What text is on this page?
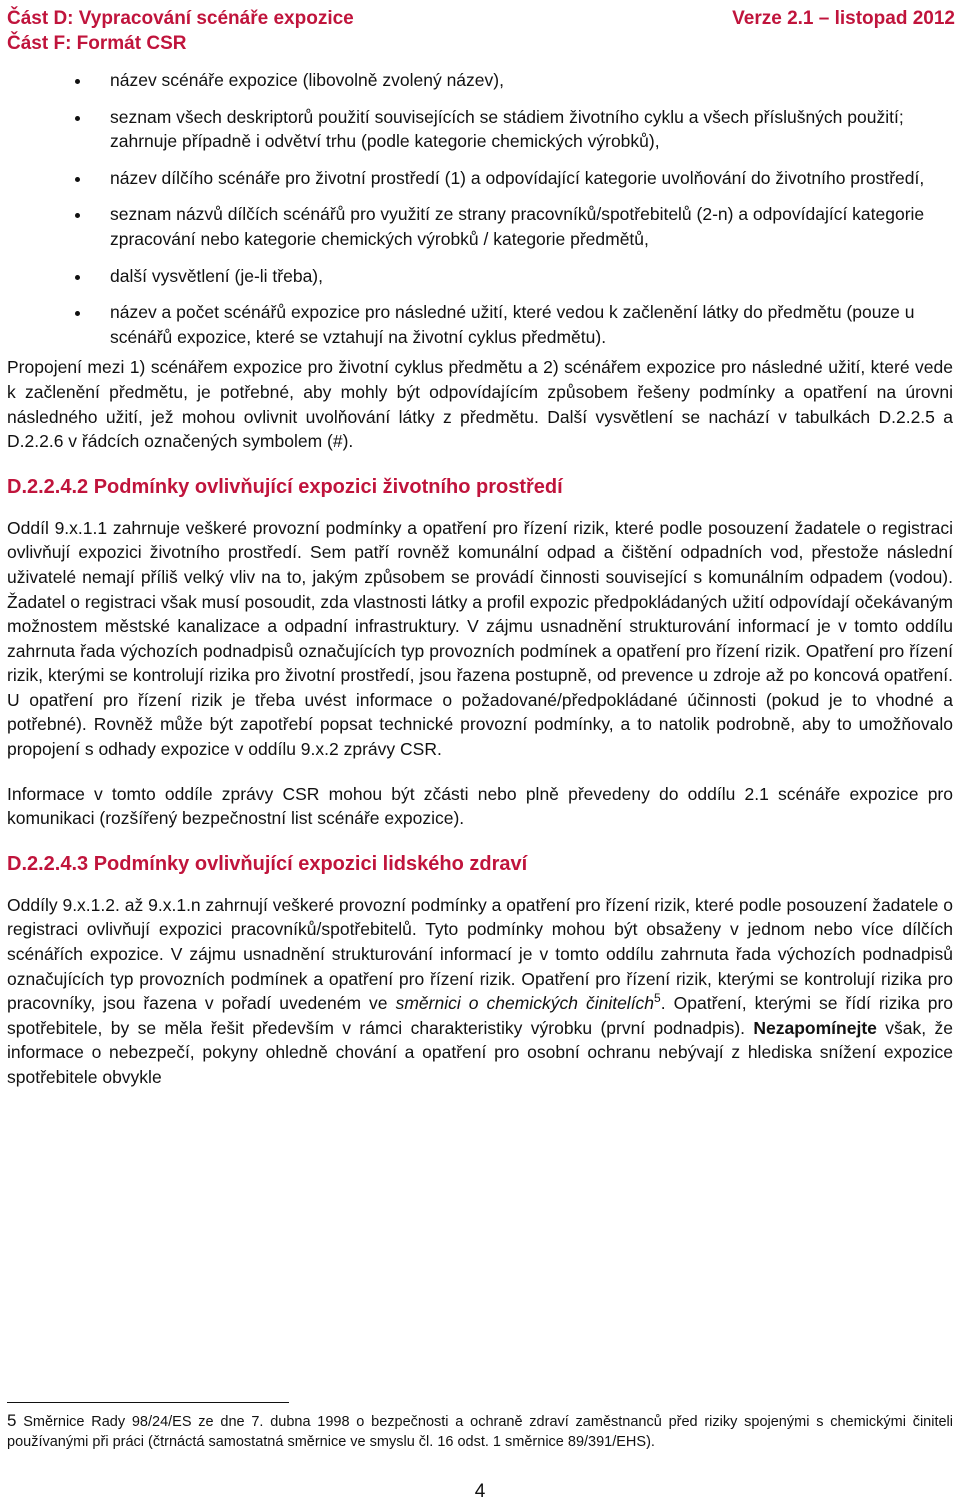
Část D: Vypracování scénáře expozice	Verze 2.1 – listopad 2012
Část F: Formát CSR
název scénáře expozice (libovolně zvolený název),
seznam všech deskriptorů použití souvisejících se stádiem životního cyklu a všech příslušných použití; zahrnuje případně i odvětví trhu (podle kategorie chemických výrobků),
název dílčího scénáře pro životní prostředí (1) a odpovídající kategorie uvolňování do životního prostředí,
seznam názvů dílčích scénářů pro využití ze strany pracovníků/spotřebitelů (2-n) a odpovídající kategorie zpracování nebo kategorie chemických výrobků / kategorie předmětů,
další vysvětlení (je-li třeba),
název a počet scénářů expozice pro následné užití, které vedou k začlenění látky do předmětu (pouze u scénářů expozice, které se vztahují na životní cyklus předmětu).

Propojení mezi 1) scénářem expozice pro životní cyklus předmětu a 2) scénářem expozice pro následné užití, které vede k začlenění předmětu, je potřebné, aby mohly být odpovídajícím způsobem řešeny podmínky a opatření na úrovni následného užití, jež mohou ovlivnit uvolňování látky z předmětu. Další vysvětlení se nachází v tabulkách D.2.2.5 a D.2.2.6 v řádcích označených symbolem (#).

D.2.2.4.2 Podmínky ovlivňující expozici životního prostředí

Oddíl 9.x.1.1 zahrnuje veškeré provozní podmínky a opatření pro řízení rizik, které podle posouzení žadatele o registraci ovlivňují expozici životního prostředí. Sem patří rovněž komunální odpad a čištění odpadních vod, přestože následní uživatelé nemají příliš velký vliv na to, jakým způsobem se provádí činnosti související s komunálním odpadem (vodou). Žadatel o registraci však musí posoudit, zda vlastnosti látky a profil expozic předpokládaných užití odpovídají očekávaným možnostem městské kanalizace a odpadní infrastruktury. V zájmu usnadnění strukturování informací je v tomto oddílu zahrnuta řada výchozích podnadpisů označujících typ provozních podmínek a opatření pro řízení rizik. Opatření pro řízení rizik, kterými se kontrolují rizika pro životní prostředí, jsou řazena postupně, od prevence u zdroje až po koncová opatření. U opatření pro řízení rizik je třeba uvést informace o požadované/předpokládané účinnosti (pokud je to vhodné a potřebné). Rovněž může být zapotřebí popsat technické provozní podmínky, a to natolik podrobně, aby to umožňovalo propojení s odhady expozice v oddílu 9.x.2 zprávy CSR.

Informace v tomto oddíle zprávy CSR mohou být zčásti nebo plně převedeny do oddílu 2.1 scénáře expozice pro komunikaci (rozšířený bezpečnostní list scénáře expozice).

D.2.2.4.3 Podmínky ovlivňující expozici lidského zdraví

Oddíly 9.x.1.2. až 9.x.1.n zahrnují veškeré provozní podmínky a opatření pro řízení rizik, které podle posouzení žadatele o registraci ovlivňují expozici pracovníků/spotřebitelů. Tyto podmínky mohou být obsaženy v jednom nebo více dílčích scénářích expozice. V zájmu usnadnění strukturování informací je v tomto oddílu zahrnuta řada výchozích podnadpisů označujících typ provozních podmínek a opatření pro řízení rizik. Opatření pro řízení rizik, kterými se kontrolují rizika pro pracovníky, jsou řazena v pořadí uvedeném ve směrnici o chemických činitelích$^5$. Opatření, kterými se řídí rizika pro spotřebitele, by se měla řešit především v rámci charakteristiky výrobku (první podnadpis). Nezapomínejte však, že informace o nebezpečí, pokyny ohledně chování a opatření pro osobní ochranu nebývají z hlediska snížení expozice spotřebitele obvykle

5 Směrnice Rady 98/24/ES ze dne 7. dubna 1998 o bezpečnosti a ochraně zdraví zaměstnanců před riziky spojenými s chemickými činiteli používanými při práci (čtrnáctá samostatná směrnice ve smyslu čl. 16 odst. 1 směrnice 89/391/EHS).
4
